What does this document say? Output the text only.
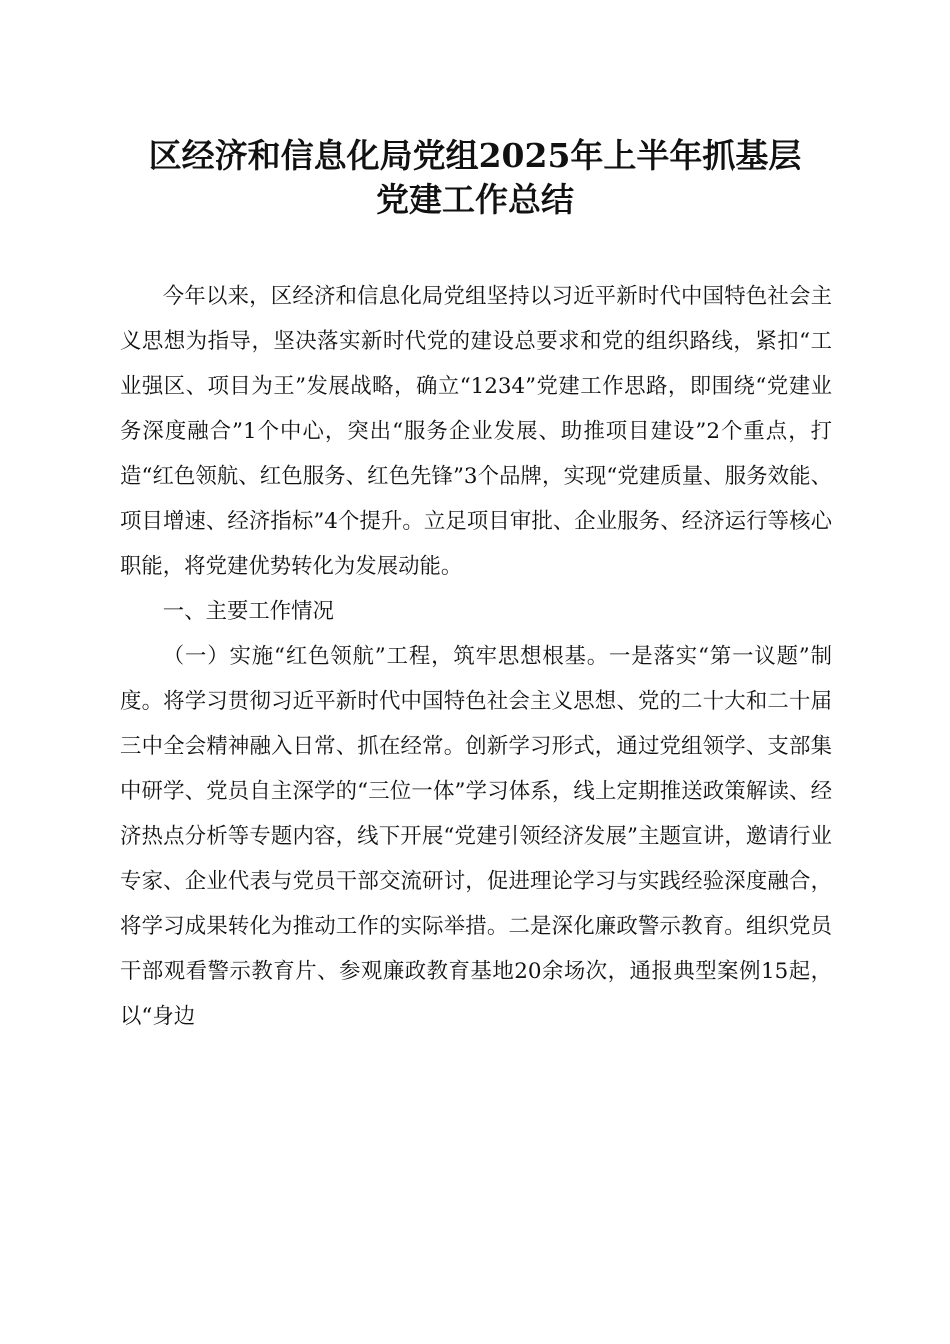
区经济和信息化局党组2025年上半年抓基层
党建工作总结

今年以来，区经济和信息化局党组坚持以习近平新时代中国特色社会主义思想为指导，坚决落实新时代党的建设总要求和党的组织路线，紧扣“工业强区、项目为王”发展战略，确立“1234”党建工作思路，即围绕“党建业务深度融合”1个中心，突出“服务企业发展、助推项目建设”2个重点，打造“红色领航、红色服务、红色先锋”3个品牌，实现“党建质量、服务效能、项目增速、经济指标”4个提升。立足项目审批、企业服务、经济运行等核心职能，将党建优势转化为发展动能。

一、主要工作情况

（一）实施“红色领航”工程，筑牢思想根基。一是落实“第一议题”制度。将学习贯彻习近平新时代中国特色社会主义思想、党的二十大和二十届三中全会精神融入日常、抓在经常。创新学习形式，通过党组领学、支部集中研学、党员自主深学的“三位一体”学习体系，线上定期推送政策解读、经济热点分析等专题内容，线下开展“党建引领经济发展”主题宣讲，邀请行业专家、企业代表与党员干部交流研讨，促进理论学习与实践经验深度融合，将学习成果转化为推动工作的实际举措。二是深化廉政警示教育。组织党员干部观看警示教育片、参观廉政教育基地20余场次，通报典型案例15起，以“身边
